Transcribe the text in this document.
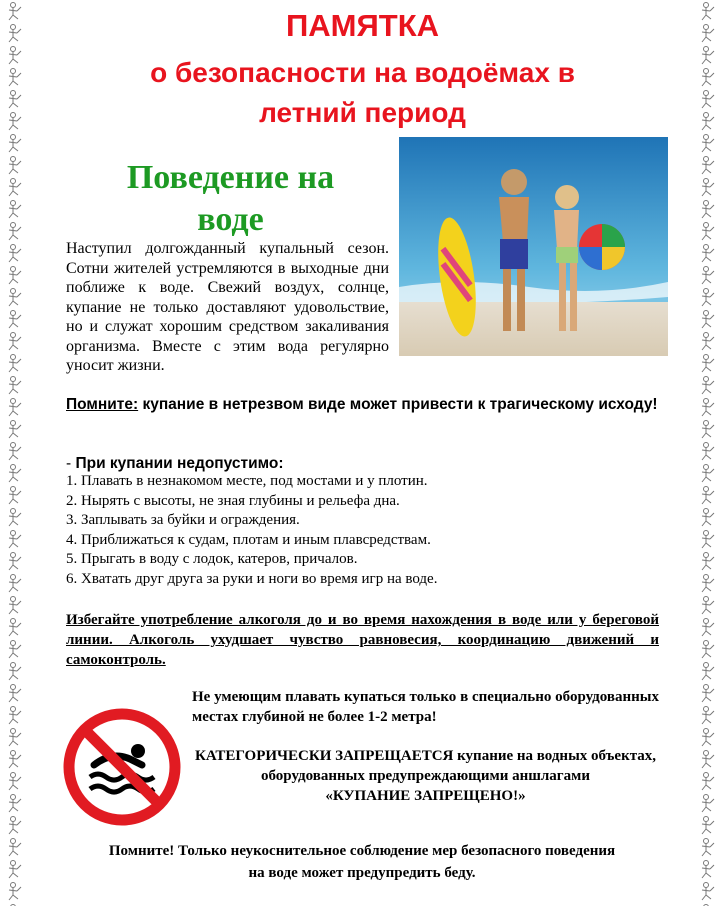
ПАМЯТКА
о безопасности на водоёмах в
летний период
Поведение на
воде
Наступил долгожданный купальный сезон. Сотни жителей устремляются в выходные дни поближе к воде. Свежий воздух, солнце, купание не только доставляют удовольствие, но и служат хорошим средством закаливания организма. Вместе с этим вода регулярно уносит жизни.
Помните: купание в нетрезвом виде может привести к трагическому исходу!
- При купании недопустимо:
1. Плавать в незнакомом месте, под мостами и у плотин.
2. Нырять с высоты, не зная глубины и рельефа дна.
3. Заплывать за буйки и ограждения.
4. Приближаться к судам, плотам и иным плавсредствам.
5. Прыгать в воду с лодок, катеров, причалов.
6. Хватать друг друга за руки и ноги во время игр на воде.
Избегайте употребление алкоголя до и во время нахождения в воде или у береговой линии. Алкоголь ухудшает чувство равновесия, координацию движений и самоконтроль.
Не умеющим плавать купаться только в специально оборудованных местах глубиной не более 1-2 метра!
КАТЕГОРИЧЕСКИ ЗАПРЕЩАЕТСЯ купание на водных объектах, оборудованных предупреждающими аншлагами
«КУПАНИЕ ЗАПРЕЩЕНО!»
Помните! Только неукоснительное соблюдение мер безопасного поведения
на воде может предупредить беду.
